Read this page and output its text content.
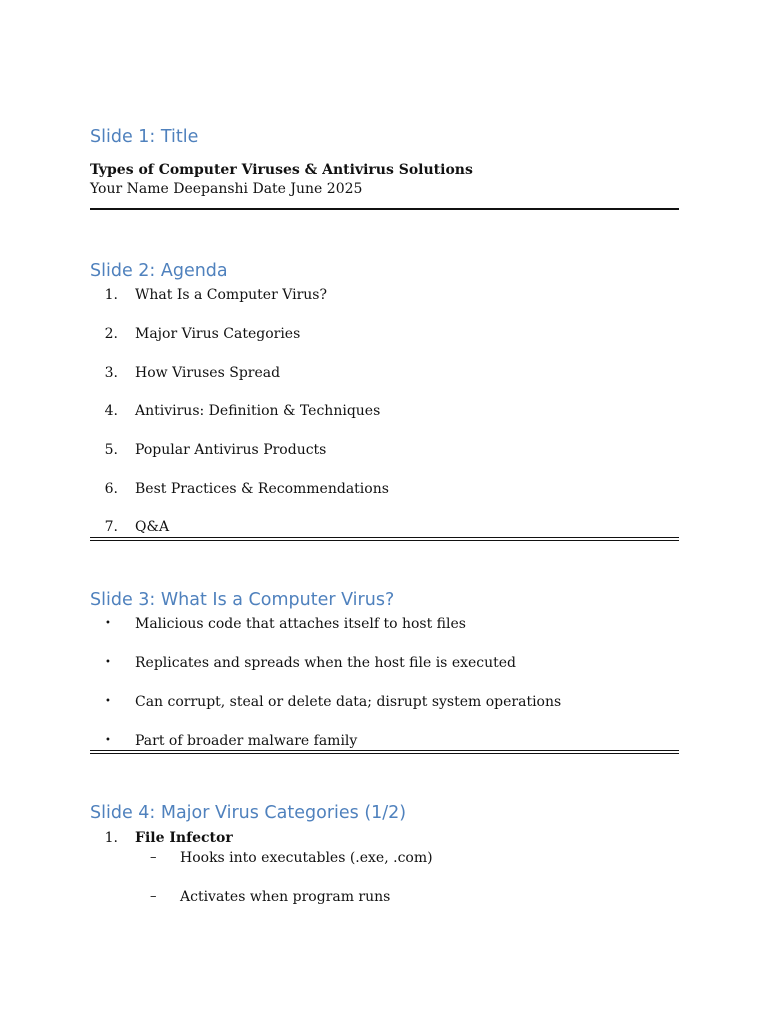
Slide 1: Title
Types of Computer Viruses & Antivirus Solutions
Your Name Deepanshi Date June 2025
Slide 2: Agenda
1. What Is a Computer Virus?
2. Major Virus Categories
3. How Viruses Spread
4. Antivirus: Definition & Techniques
5. Popular Antivirus Products
6. Best Practices & Recommendations
7. Q&A
Slide 3: What Is a Computer Virus?
• Malicious code that attaches itself to host files
• Replicates and spreads when the host file is executed
• Can corrupt, steal or delete data; disrupt system operations
• Part of broader malware family
Slide 4: Major Virus Categories (1/2)
1. File Infector
– Hooks into executables (.exe, .com)
– Activates when program runs
